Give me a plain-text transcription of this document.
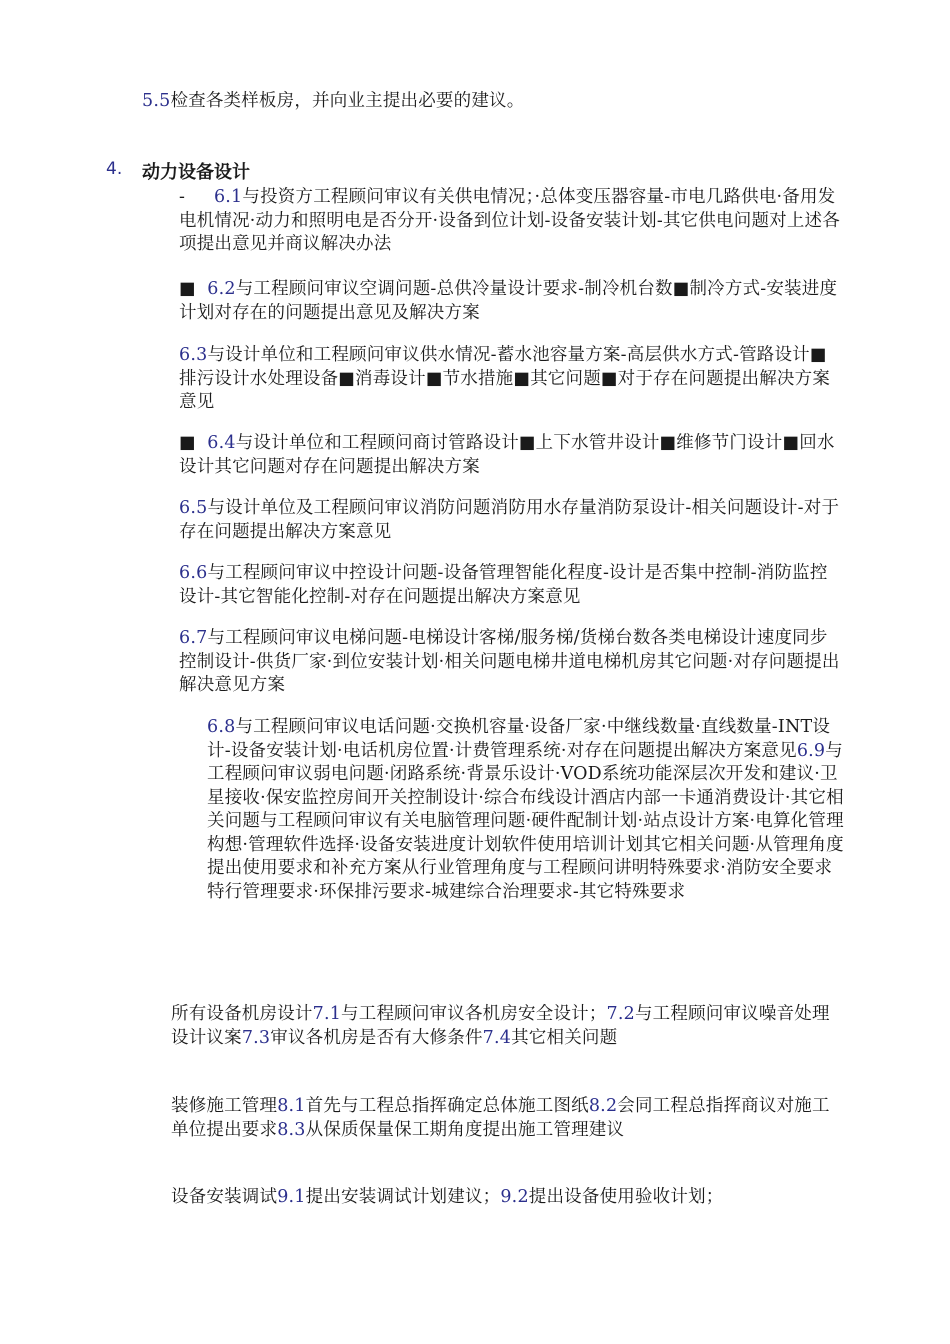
5.5检查各类样板房，并向业主提出必要的建议。

4. 动力设备设计

- 6.1与投资方工程顾问审议有关供电情况；·总体变压器容量-市电几路供电·备用发电机情况·动力和照明电是否分开·设备到位计划-设备安装计划-其它供电问题对上述各项提出意见并商议解决办法

■ 6.2与工程顾问审议空调问题-总供冷量设计要求-制冷机台数■制冷方式-安装进度计划对存在的问题提出意见及解决方案

6.3与设计单位和工程顾问审议供水情况-蓄水池容量方案-高层供水方式-管路设计■排污设计水处理设备■消毒设计■节水措施■其它问题■对于存在问题提出解决方案意见

■ 6.4与设计单位和工程顾问商讨管路设计■上下水管井设计■维修节门设计■回水设计其它问题对存在问题提出解决方案

6.5与设计单位及工程顾问审议消防问题消防用水存量消防泵设计-相关问题设计-对于存在问题提出解决方案意见

6.6与工程顾问审议中控设计问题-设备管理智能化程度-设计是否集中控制-消防监控设计-其它智能化控制-对存在问题提出解决方案意见

6.7与工程顾问审议电梯问题-电梯设计客梯/服务梯/货梯台数各类电梯设计速度同步控制设计-供货厂家·到位安装计划·相关问题电梯井道电梯机房其它问题·对存问题提出解决意见方案

6.8与工程顾问审议电话问题·交换机容量·设备厂家·中继线数量·直线数量-INT设计-设备安装计划·电话机房位置·计费管理系统·对存在问题提出解决方案意见6.9与工程顾问审议弱电问题·闭路系统·背景乐设计·VOD系统功能深层次开发和建议·卫星接收·保安监控房间开关控制设计·综合布线设计酒店内部一卡通消费设计·其它相关问题与工程顾问审议有关电脑管理问题·硬件配制计划·站点设计方案·电算化管理构想·管理软件选择·设备安装进度计划软件使用培训计划其它相关问题·从管理角度提出使用要求和补充方案从行业管理角度与工程顾问讲明特殊要求·消防安全要求特行管理要求·环保排污要求-城建综合治理要求-其它特殊要求

所有设备机房设计7.1与工程顾问审议各机房安全设计；7.2与工程顾问审议噪音处理设计议案7.3审议各机房是否有大修条件7.4其它相关问题

装修施工管理8.1首先与工程总指挥确定总体施工图纸8.2会同工程总指挥商议对施工单位提出要求8.3从保质保量保工期角度提出施工管理建议

设备安装调试9.1提出安装调试计划建议；9.2提出设备使用验收计划；
